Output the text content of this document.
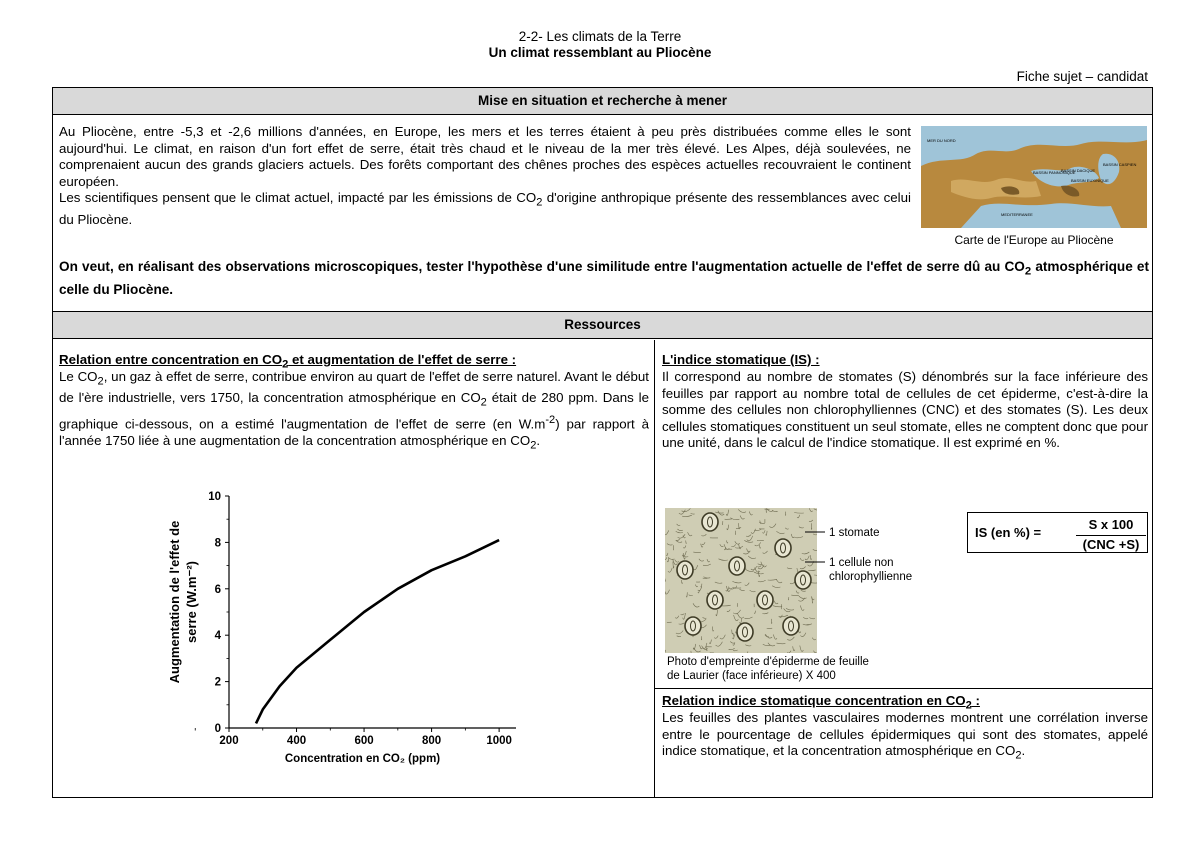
2-2- Les climats de la Terre
Un climat ressemblant au Pliocène
Fiche sujet – candidat
Mise en situation et recherche à mener
Au Pliocène, entre -5,3 et -2,6 millions d'années, en Europe, les mers et les terres étaient à peu près distribuées comme elles le sont aujourd'hui. Le climat, en raison d'un fort effet de serre, était très chaud et le niveau de la mer très élevé. Les Alpes, déjà soulevées, ne comprenaient aucun des grands glaciers actuels. Des forêts comportant des chênes proches des espèces actuelles recouvraient le continent européen.
Les scientifiques pensent que le climat actuel, impacté par les émissions de $CO_2$ d'origine anthropique présente des ressemblances avec celui du Pliocène.
MER DU NORD
BASSIN PANNONIQUE
BASSIN DACIQUE
BASSIN EUXINIQUE
BASSIN CASPIEN
MEDITERRANEE
Carte de l'Europe au Pliocène
On veut, en réalisant des observations microscopiques, tester l'hypothèse d'une similitude entre l'augmentation actuelle de l'effet de serre dû au $CO_2$ atmosphérique et celle du Pliocène.
Ressources
Relation entre concentration en $CO_2$ et augmentation de l'effet de serre :
Le $CO_2$, un gaz à effet de serre, contribue environ au quart de l'effet de serre naturel. Avant le début de l'ère industrielle, vers 1750, la concentration atmosphérique en $CO_2$ était de 280 ppm. Dans le graphique ci-dessous, on a estimé l'augmentation de l'effet de serre (en $W.m^{-2}$) par rapport à l'année 1750 liée à une augmentation de la concentration atmosphérique en $CO_2$.
200	400	600	800	1000
0
2
4
6
8
10
Concentration en CO₂ (ppm)
Augmentation de l'effet de serre (W.m⁻²)
L'indice stomatique (IS) :
Il correspond au nombre de stomates (S) dénombrés sur la face inférieure des feuilles par rapport au nombre total de cellules de cet épiderme, c'est-à-dire la somme des cellules non chlorophylliennes (CNC) et des stomates (S). Les deux cellules stomatiques constituent un seul stomate, elles ne comptent donc que pour une unité, dans le calcul de l'indice stomatique. Il est exprimé en %.
1 stomate
1 cellule non
chlorophyllienne
Photo d'empreinte d'épiderme de feuille
de Laurier (face inférieure) X 400
IS (en %) =
S x 100
(CNC +S)
Relation indice stomatique concentration en $CO_2$ :
Les feuilles des plantes vasculaires modernes montrent une corrélation inverse entre le pourcentage de cellules épidermiques qui sont des stomates, appelé indice stomatique, et la concentration atmosphérique en $CO_2$.
